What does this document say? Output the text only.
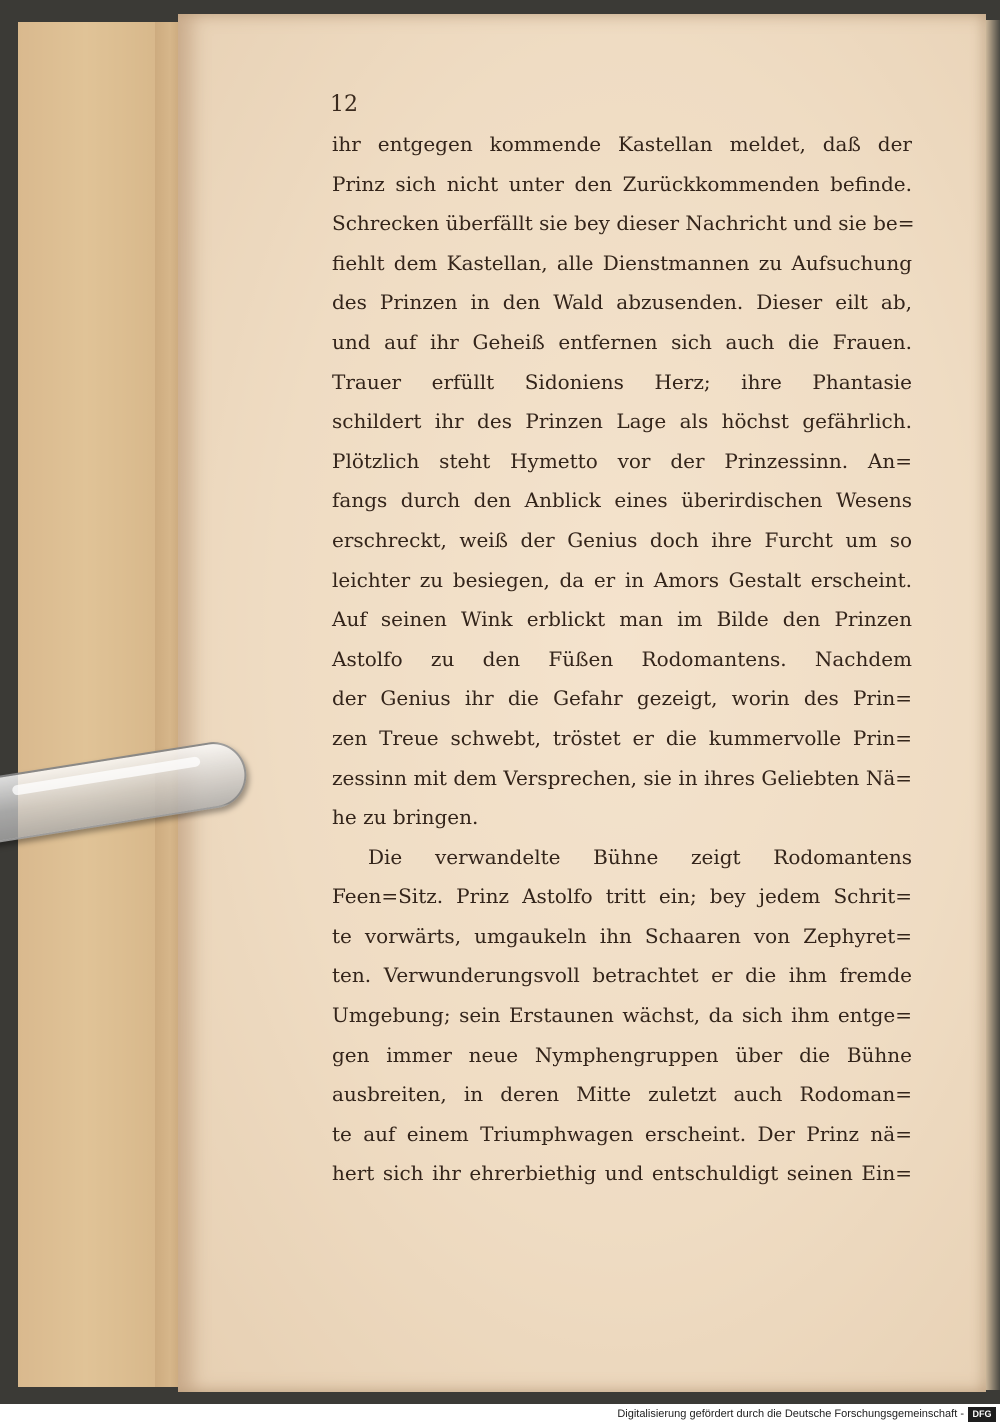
12
ihr entgegen kommende Kastellan meldet, daß der
Prinz sich nicht unter den Zurückkommenden befinde.
Schrecken überfällt sie bey dieser Nachricht und sie be=
fiehlt dem Kastellan, alle Dienstmannen zu Aufsuchung
des Prinzen in den Wald abzusenden. Dieser eilt ab,
und auf ihr Geheiß entfernen sich auch die Frauen.
Trauer erfüllt Sidoniens Herz; ihre Phantasie
schildert ihr des Prinzen Lage als höchst gefährlich.
Plötzlich steht Hymetto vor der Prinzessinn. An=
fangs durch den Anblick eines überirdischen Wesens
erschreckt, weiß der Genius doch ihre Furcht um so
leichter zu besiegen, da er in Amors Gestalt erscheint.
Auf seinen Wink erblickt man im Bilde den Prinzen
Astolfo zu den Füßen Rodomantens. Nachdem
der Genius ihr die Gefahr gezeigt, worin des Prin=
zen Treue schwebt, tröstet er die kummervolle Prin=
zessinn mit dem Versprechen, sie in ihres Geliebten Nä=
he zu bringen.
Die verwandelte Bühne zeigt Rodomantens
Feen=Sitz. Prinz Astolfo tritt ein; bey jedem Schrit=
te vorwärts, umgaukeln ihn Schaaren von Zephyret=
ten. Verwunderungsvoll betrachtet er die ihm fremde
Umgebung; sein Erstaunen wächst, da sich ihm entge=
gen immer neue Nymphengruppen über die Bühne
ausbreiten, in deren Mitte zuletzt auch Rodoman=
te auf einem Triumphwagen erscheint. Der Prinz nä=
hert sich ihr ehrerbiethig und entschuldigt seinen Ein=
Digitalisierung gefördert durch die Deutsche Forschungsgemeinschaft - DFG
